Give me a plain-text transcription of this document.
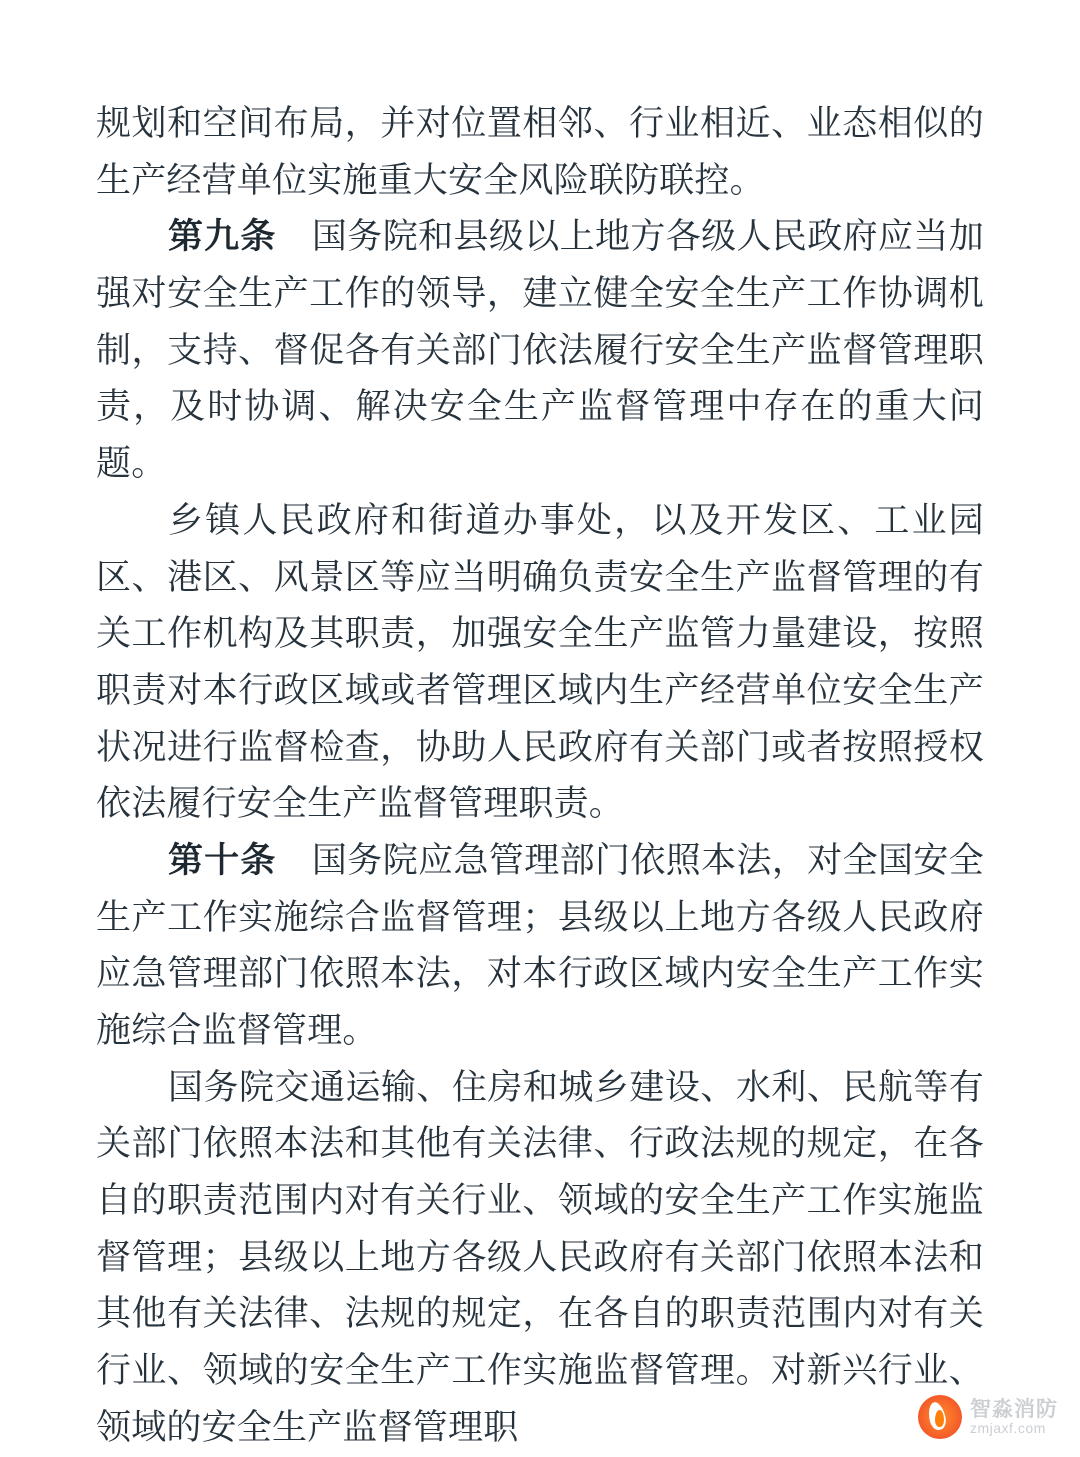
规划和空间布局，并对位置相邻、行业相近、业态相似的生产经营单位实施重大安全风险联防联控。

第九条　国务院和县级以上地方各级人民政府应当加强对安全生产工作的领导，建立健全安全生产工作协调机制，支持、督促各有关部门依法履行安全生产监督管理职责，及时协调、解决安全生产监督管理中存在的重大问题。

乡镇人民政府和街道办事处，以及开发区、工业园区、港区、风景区等应当明确负责安全生产监督管理的有关工作机构及其职责，加强安全生产监管力量建设，按照职责对本行政区域或者管理区域内生产经营单位安全生产状况进行监督检查，协助人民政府有关部门或者按照授权依法履行安全生产监督管理职责。

第十条　国务院应急管理部门依照本法，对全国安全生产工作实施综合监督管理；县级以上地方各级人民政府应急管理部门依照本法，对本行政区域内安全生产工作实施综合监督管理。

国务院交通运输、住房和城乡建设、水利、民航等有关部门依照本法和其他有关法律、行政法规的规定，在各自的职责范围内对有关行业、领域的安全生产工作实施监督管理；县级以上地方各级人民政府有关部门依照本法和其他有关法律、法规的规定，在各自的职责范围内对有关行业、领域的安全生产工作实施监督管理。对新兴行业、领域的安全生产监督管理职	智淼消防
zmjaxf.com
